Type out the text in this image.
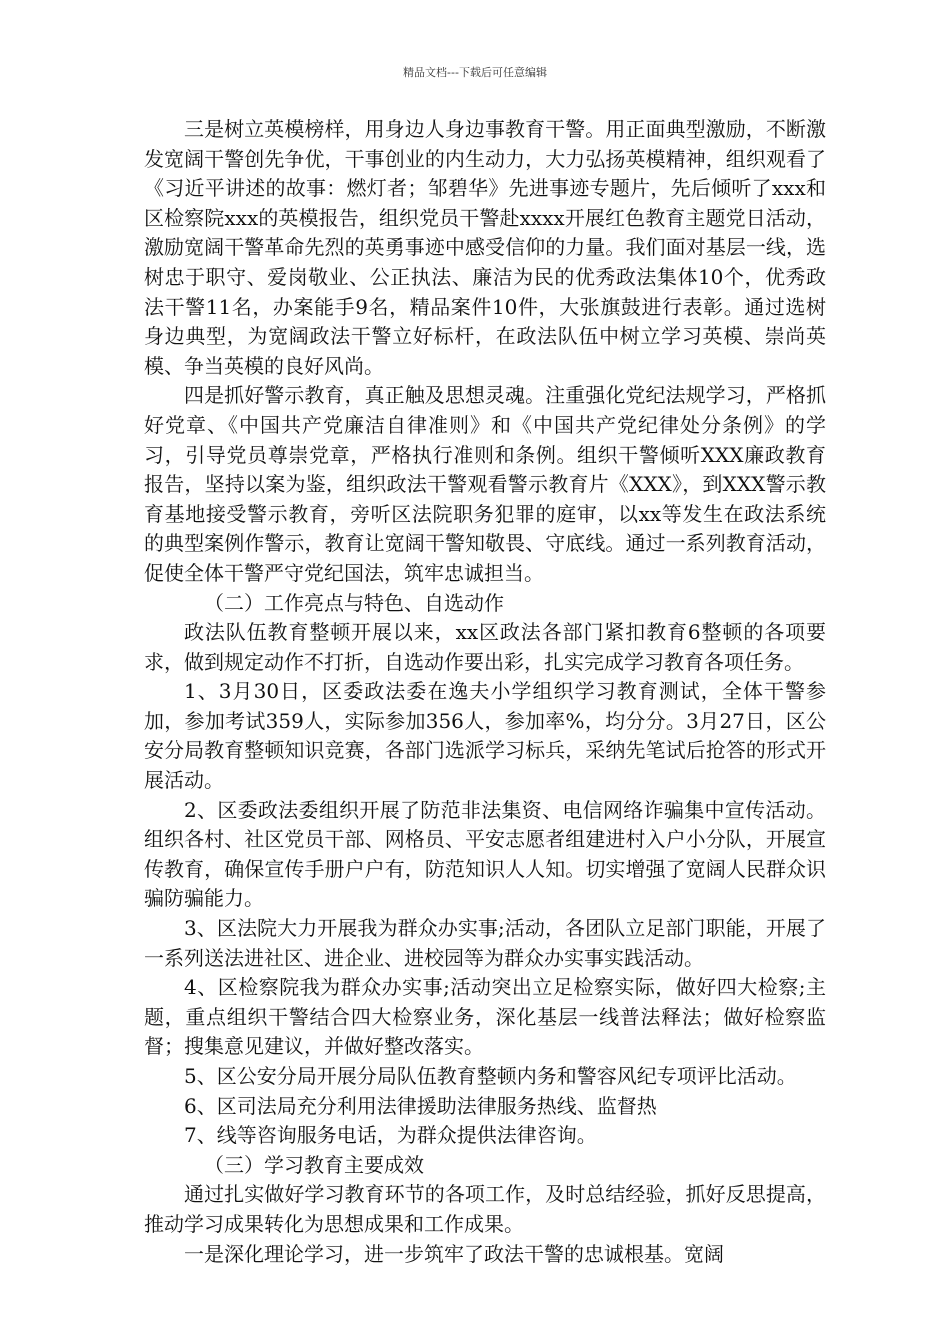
精品文档---下载后可任意编辑

三是树立英模榜样，用身边人身边事教育干警。用正面典型激励，不断激发宽阔干警创先争优，干事创业的内生动力，大力弘扬英模精神，组织观看了《习近平讲述的故事：燃灯者；邹碧华》先进事迹专题片，先后倾听了xxx和区检察院xxx的英模报告，组织党员干警赴xxxx开展红色教育主题党日活动，激励宽阔干警革命先烈的英勇事迹中感受信仰的力量。我们面对基层一线，选树忠于职守、爱岗敬业、公正执法、廉洁为民的优秀政法集体10个，优秀政法干警11名，办案能手9名，精品案件10件，大张旗鼓进行表彰。通过选树身边典型，为宽阔政法干警立好标杆，在政法队伍中树立学习英模、崇尚英模、争当英模的良好风尚。

四是抓好警示教育，真正触及思想灵魂。注重强化党纪法规学习，严格抓好党章、《中国共产党廉洁自律准则》和《中国共产党纪律处分条例》的学习，引导党员尊崇党章，严格执行准则和条例。组织干警倾听XXX廉政教育报告，坚持以案为鉴，组织政法干警观看警示教育片《XXX》，到XXX警示教育基地接受警示教育，旁听区法院职务犯罪的庭审，以xx等发生在政法系统的典型案例作警示，教育让宽阔干警知敬畏、守底线。通过一系列教育活动，促使全体干警严守党纪国法，筑牢忠诚担当。

（二）工作亮点与特色、自选动作

政法队伍教育整顿开展以来，xx区政法各部门紧扣教育6整顿的各项要求，做到规定动作不打折，自选动作要出彩，扎实完成学习教育各项任务。

1、3月30日，区委政法委在逸夫小学组织学习教育测试，全体干警参加，参加考试359人，实际参加356人，参加率%，均分分。3月27日，区公安分局教育整顿知识竞赛，各部门选派学习标兵，采纳先笔试后抢答的形式开展活动。

2、区委政法委组织开展了防范非法集资、电信网络诈骗集中宣传活动。组织各村、社区党员干部、网格员、平安志愿者组建进村入户小分队，开展宣传教育，确保宣传手册户户有，防范知识人人知。切实增强了宽阔人民群众识骗防骗能力。

3、区法院大力开展我为群众办实事;活动，各团队立足部门职能，开展了一系列送法进社区、进企业、进校园等为群众办实事实践活动。

4、区检察院我为群众办实事;活动突出立足检察实际，做好四大检察;主题，重点组织干警结合四大检察业务，深化基层一线普法释法；做好检察监督；搜集意见建议，并做好整改落实。

5、区公安分局开展分局队伍教育整顿内务和警容风纪专项评比活动。

6、区司法局充分利用法律援助法律服务热线、监督热

7、线等咨询服务电话，为群众提供法律咨询。

（三）学习教育主要成效

通过扎实做好学习教育环节的各项工作，及时总结经验，抓好反思提高，推动学习成果转化为思想成果和工作成果。

一是深化理论学习，进一步筑牢了政法干警的忠诚根基。宽阔
